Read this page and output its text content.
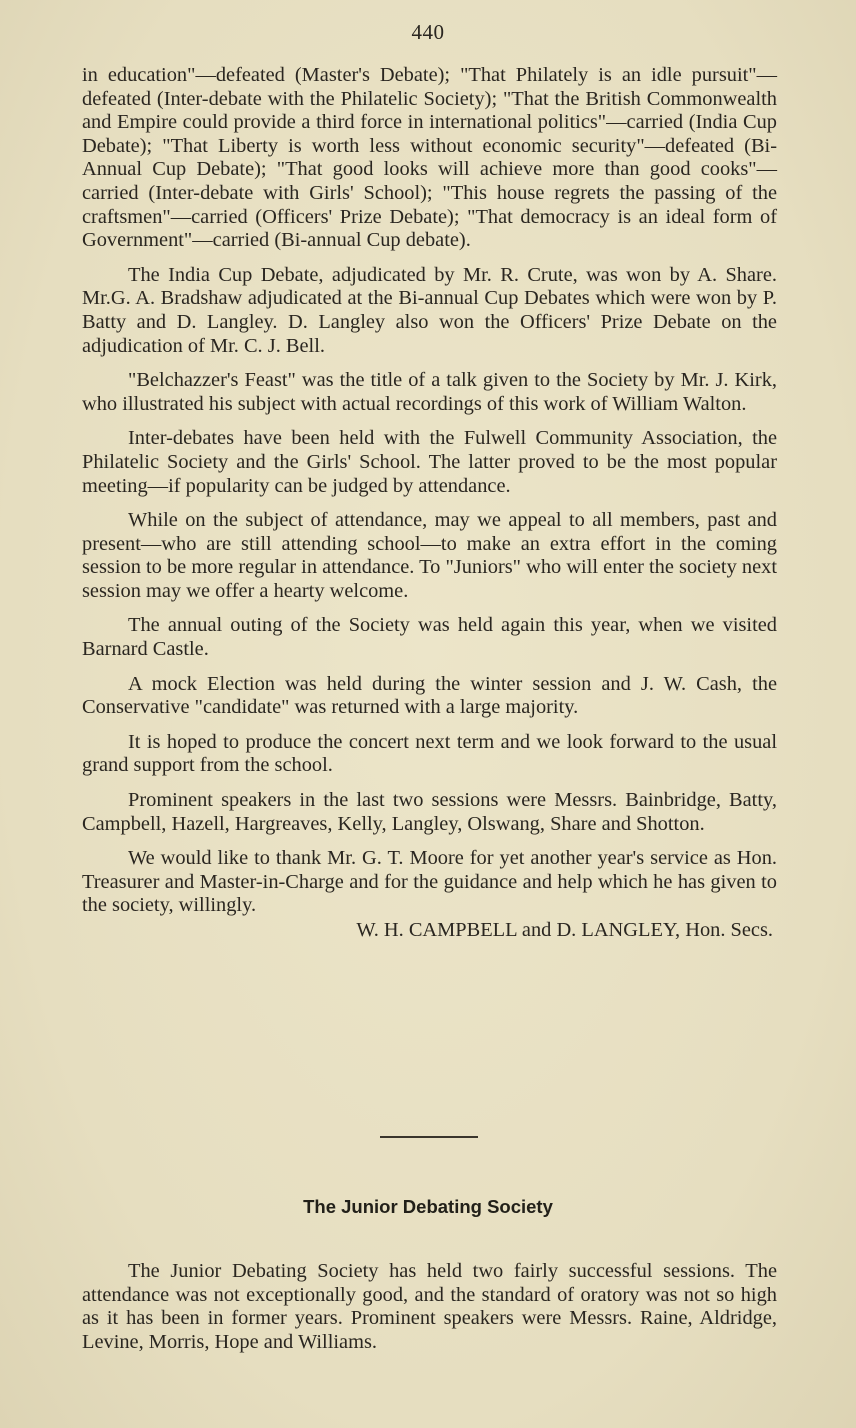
440

in education"—defeated (Master's Debate); "That Philately is an idle pursuit"—defeated (Inter-debate with the Philatelic Society); "That the British Commonwealth and Empire could provide a third force in international politics"—carried (India Cup Debate); "That Liberty is worth less without economic security"—defeated (Bi-Annual Cup Debate); "That good looks will achieve more than good cooks"—carried (Inter-debate with Girls' School); "This house regrets the passing of the craftsmen"—carried (Officers' Prize Debate); "That democracy is an ideal form of Government"—carried (Bi-annual Cup debate).

The India Cup Debate, adjudicated by Mr. R. Crute, was won by A. Share. Mr.G. A. Bradshaw adjudicated at the Bi-annual Cup Debates which were won by P. Batty and D. Langley. D. Langley also won the Officers' Prize Debate on the adjudication of Mr. C. J. Bell.

"Belchazzer's Feast" was the title of a talk given to the Society by Mr. J. Kirk, who illustrated his subject with actual recordings of this work of William Walton.

Inter-debates have been held with the Fulwell Community Association, the Philatelic Society and the Girls' School. The latter proved to be the most popular meeting—if popularity can be judged by attendance.

While on the subject of attendance, may we appeal to all members, past and present—who are still attending school—to make an extra effort in the coming session to be more regular in attendance. To "Juniors" who will enter the society next session may we offer a hearty welcome.

The annual outing of the Society was held again this year, when we visited Barnard Castle.

A mock Election was held during the winter session and J. W. Cash, the Conservative "candidate" was returned with a large majority.

It is hoped to produce the concert next term and we look forward to the usual grand support from the school.

Prominent speakers in the last two sessions were Messrs. Bainbridge, Batty, Campbell, Hazell, Hargreaves, Kelly, Langley, Olswang, Share and Shotton.

We would like to thank Mr. G. T. Moore for yet another year's service as Hon. Treasurer and Master-in-Charge and for the guidance and help which he has given to the society, willingly.

W. H. CAMPBELL and D. LANGLEY, Hon. Secs.

The Junior Debating Society

The Junior Debating Society has held two fairly successful sessions. The attendance was not exceptionally good, and the standard of oratory was not so high as it has been in former years. Prominent speakers were Messrs. Raine, Aldridge, Levine, Morris, Hope and Williams.
